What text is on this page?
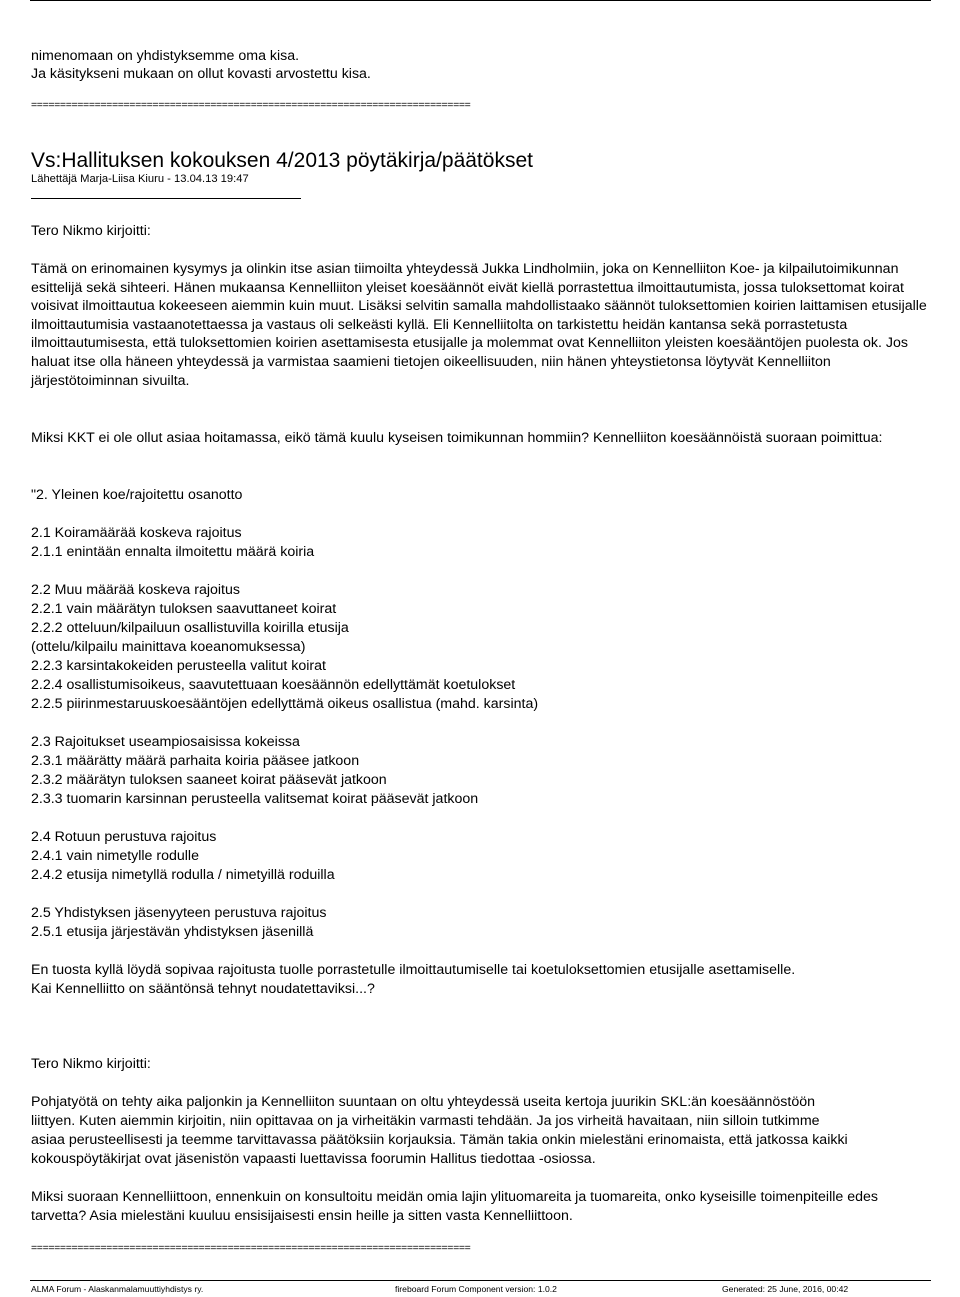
nimenomaan on yhdistyksemme oma kisa.

Ja käsitykseni mukaan on ollut kovasti arvostettu kisa.

============================================================================
Vs:Hallituksen kokouksen 4/2013 pöytäkirja/päätökset
Lähettäjä Marja-Liisa Kiuru - 13.04.13 19:47

Tero Nikmo kirjoitti:

Tämä on erinomainen kysymys ja olinkin itse asian tiimoilta yhteydessä Jukka Lindholmiin, joka on Kennelliiton Koe- ja kilpailutoimikunnan esittelijä sekä sihteeri. Hänen mukaansa Kennelliiton yleiset koesäännöt eivät kiellä porrastettua ilmoittautumista, jossa tuloksettomat koirat voisivat ilmoittautua kokeeseen aiemmin kuin muut. Lisäksi selvitin samalla mahdollistaako säännöt tuloksettomien koirien laittamisen etusijalle ilmoittautumisia vastaanotettaessa ja vastaus oli selkeästi kyllä. Eli Kennelliitolta on tarkistettu heidän kantansa sekä porrastetusta ilmoittautumisesta, että tuloksettomien koirien asettamisesta etusijalle ja molemmat ovat Kennelliiton yleisten koesääntöjen puolesta ok. Jos haluat itse olla häneen yhteydessä ja varmistaa saamieni tietojen oikeellisuuden, niin hänen yhteystietonsa löytyvät Kennelliiton järjestötoiminnan sivuilta.

Miksi KKT ei ole ollut asiaa hoitamassa, eikö tämä kuulu kyseisen toimikunnan hommiin? Kennelliiton koesäännöistä suoraan poimittua:

"2. Yleinen koe/rajoitettu osanotto

2.1 Koiramäärää koskeva rajoitus

2.1.1 enintään ennalta ilmoitettu määrä koiria

2.2 Muu määrää koskeva rajoitus

2.2.1 vain määrätyn tuloksen saavuttaneet koirat

2.2.2 otteluun/kilpailuun osallistuvilla koirilla etusija

(ottelu/kilpailu mainittava koeanomuksessa)

2.2.3 karsintakokeiden perusteella valitut koirat

2.2.4 osallistumisoikeus, saavutettuaan koesäännön edellyttämät koetulokset

2.2.5 piirinmestaruuskoesääntöjen edellyttämä oikeus osallistua (mahd. karsinta)

2.3 Rajoitukset useampiosaisissa kokeissa

2.3.1 määrätty määrä parhaita koiria pääsee jatkoon

2.3.2 määrätyn tuloksen saaneet koirat pääsevät jatkoon

2.3.3 tuomarin karsinnan perusteella valitsemat koirat pääsevät jatkoon

2.4 Rotuun perustuva rajoitus

2.4.1 vain nimetylle rodulle

2.4.2 etusija nimetyllä rodulla / nimetyillä roduilla

2.5 Yhdistyksen jäsenyyteen perustuva rajoitus

2.5.1 etusija järjestävän yhdistyksen jäsenillä

En tuosta kyllä löydä sopivaa rajoitusta tuolle porrastetulle ilmoittautumiselle tai koetuloksettomien etusijalle asettamiselle.

Kai Kennelliitto on sääntönsä tehnyt noudatettaviksi...?

Tero Nikmo kirjoitti:

Pohjatyötä on tehty aika paljonkin ja Kennelliiton suuntaan on oltu yhteydessä useita kertoja juurikin SKL:än koesäännöstöön

liittyen. Kuten aiemmin kirjoitin, niin opittavaa on ja virheitäkin varmasti tehdään. Ja jos virheitä havaitaan, niin silloin tutkimme

asiaa perusteellisesti ja teemme tarvittavassa päätöksiin korjauksia. Tämän takia onkin mielestäni erinomaista, että jatkossa kaikki

kokouspöytäkirjat ovat jäsenistön vapaasti luettavissa foorumin Hallitus tiedottaa -osiossa.

Miksi suoraan Kennelliittoon, ennenkuin on konsultoitu meidän omia lajin ylituomareita ja tuomareita, onko kyseisille toimenpiteille edes tarvetta? Asia mielestäni kuuluu ensisijaisesti ensin heille ja sitten vasta Kennelliittoon.

============================================================================
ALMA Forum - Alaskanmalamuuttiyhdistys ry.	fireboard Forum Component version: 1.0.2	Generated: 25 June, 2016, 00:42
